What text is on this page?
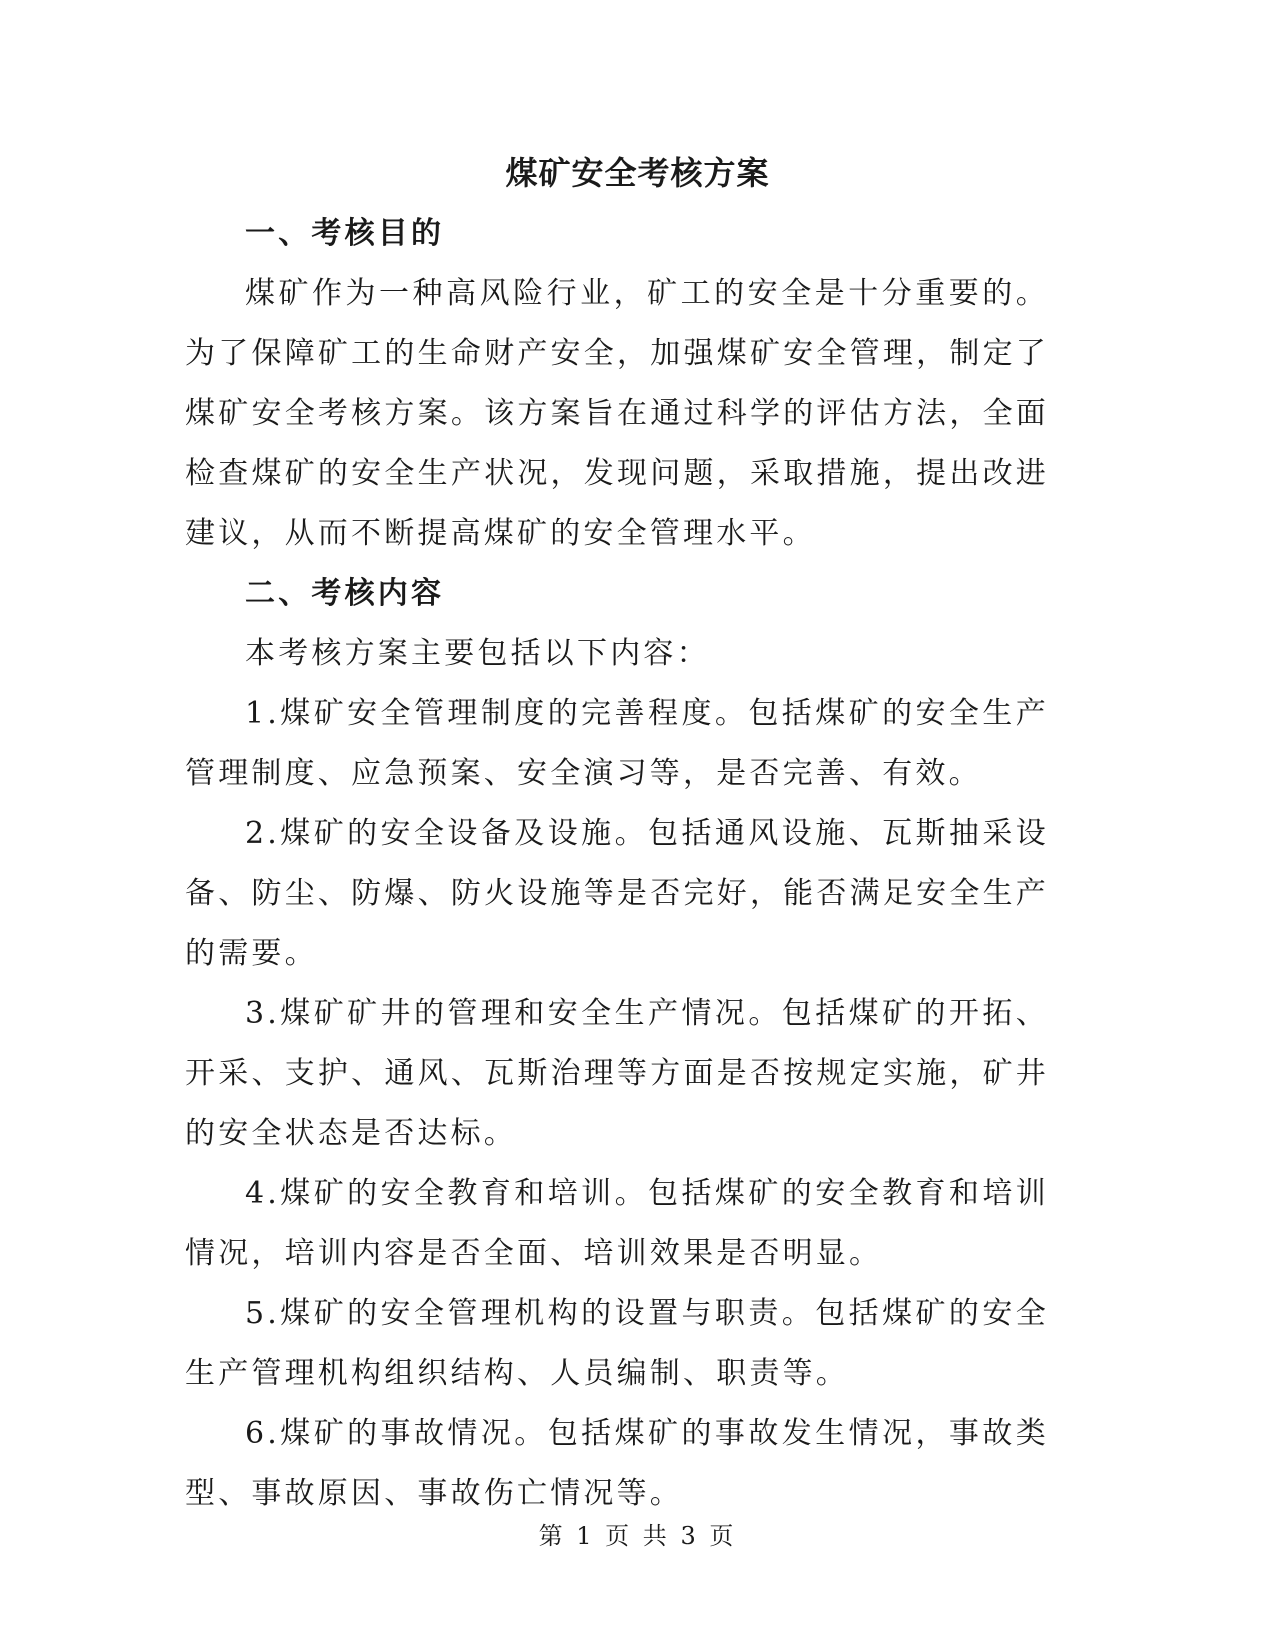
煤矿安全考核方案
一、考核目的

煤矿作为一种高风险行业，矿工的安全是十分重要的。为了保障矿工的生命财产安全，加强煤矿安全管理，制定了煤矿安全考核方案。该方案旨在通过科学的评估方法，全面检查煤矿的安全生产状况，发现问题，采取措施，提出改进建议，从而不断提高煤矿的安全管理水平。

二、考核内容

本考核方案主要包括以下内容：

1.煤矿安全管理制度的完善程度。包括煤矿的安全生产管理制度、应急预案、安全演习等，是否完善、有效。

2.煤矿的安全设备及设施。包括通风设施、瓦斯抽采设备、防尘、防爆、防火设施等是否完好，能否满足安全生产的需要。

3.煤矿矿井的管理和安全生产情况。包括煤矿的开拓、开采、支护、通风、瓦斯治理等方面是否按规定实施，矿井的安全状态是否达标。

4.煤矿的安全教育和培训。包括煤矿的安全教育和培训情况，培训内容是否全面、培训效果是否明显。

5.煤矿的安全管理机构的设置与职责。包括煤矿的安全生产管理机构组织结构、人员编制、职责等。

6.煤矿的事故情况。包括煤矿的事故发生情况，事故类型、事故原因、事故伤亡情况等。

第 1 页 共 3 页
